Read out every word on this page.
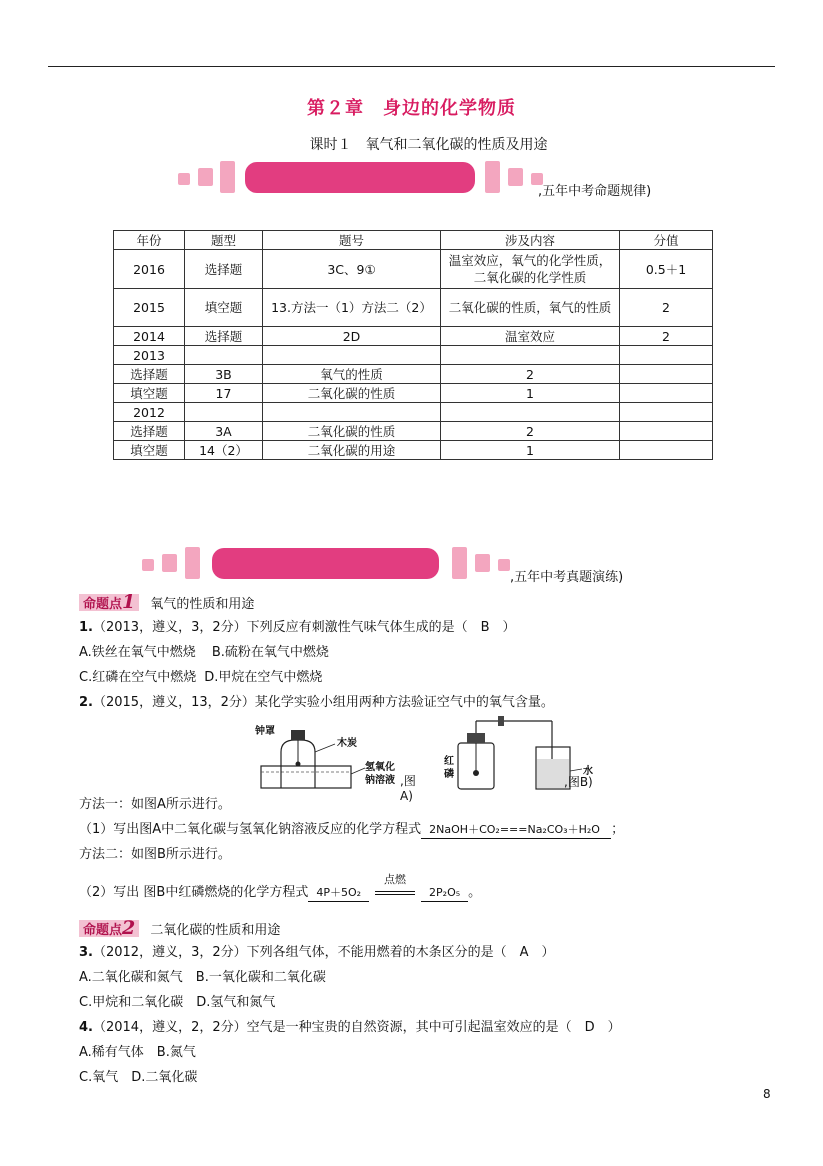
第２章　身边的化学物质
课时１　氧气和二氧化碳的性质及用途
,五年中考命题规律)
年份	题型	题号	涉及内容	分值
2016	选择题	3C、9①	温室效应，氧气的化学性质，二氧化碳的化学性质	0.5＋1
2015	填空题	13.方法一（1）方法二（2）	二氧化碳的性质，氧气的性质	2
2014	选择题	2D	温室效应	2
2013				
选择题	3B	氧气的性质	2	
填空题	17	二氧化碳的性质	1	
2012				
选择题	3A	二氧化碳的性质	2	
填空题	14（2）	二氧化碳的用途	1	
,五年中考真题演练)
命题点1 氧气的性质和用途
1.（2013，遵义，3，2分）下列反应有刺激性气味气体生成的是（　B　）
A.铁丝在氧气中燃烧 B.硫粉在氧气中燃烧
C.红磷在空气中燃烧 D.甲烷在空气中燃烧
2.（2015，遵义，13，2分）某化学实验小组用两种方法验证空气中的氧气含量。
钟罩
木炭
氢氧化
钠溶液 ,图A)
红
磷	水
,图B)
方法一：如图A所示进行。
（1）写出图A中二氧化碳与氢氧化钠溶液反应的化学方程式 2NaOH＋CO₂===Na₂CO₃＋H₂O ；
方法二：如图B所示进行。
（2）写出 图B中红磷燃烧的化学方程式 4P＋5O₂
点燃
2P₂O₅ 。
命题点2 二氧化碳的性质和用途
3.（2012，遵义，3，2分）下列各组气体，不能用燃着的木条区分的是（　A　）
A.二氧化碳和氮气　B.一氧化碳和二氧化碳
C.甲烷和二氧化碳　D.氢气和氮气
4.（2014，遵义，2，2分）空气是一种宝贵的自然资源，其中可引起温室效应的是（　D　）
A.稀有气体　B.氮气
C.氧气　D.二氧化碳
8
